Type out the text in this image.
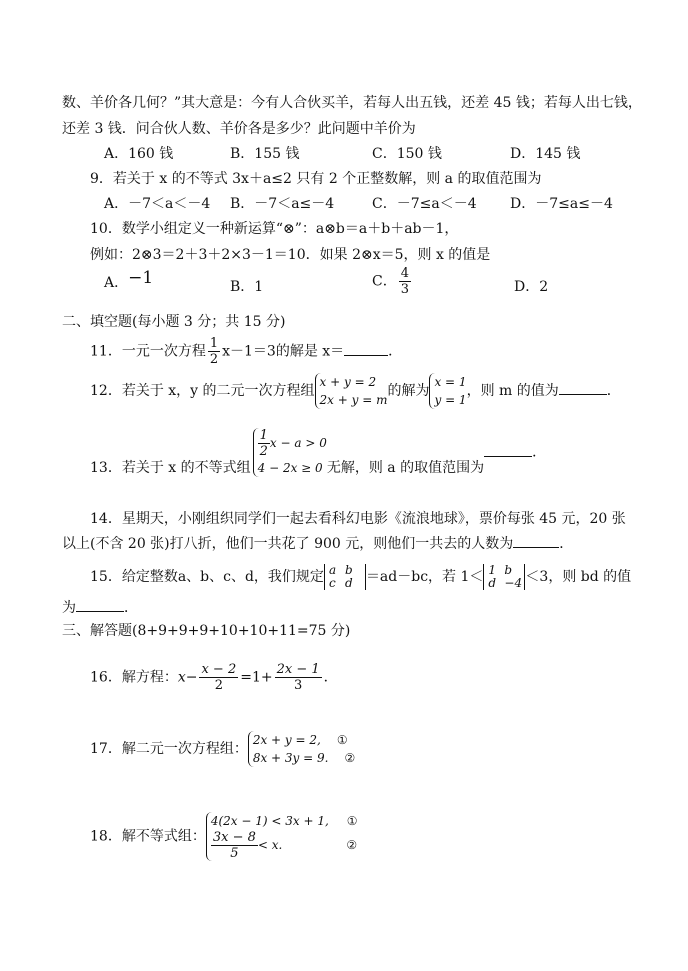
数、羊价各几何？”其大意是：今有人合伙买羊，若每人出五钱，还差 45 钱；若每人出七钱，
还差 3 钱．问合伙人数、羊价各是多少？此问题中羊价为
A．160 钱	B．155 钱	C．150 钱	D．145 钱
9．若关于 x 的不等式 3x＋a≤2 只有 2 个正整数解，则 a 的取值范围为
A．－7＜a＜－4 B．－7＜a≤－4	C．－7≤a＜－4 D．－7≤a≤－4
10．数学小组定义一种新运算“⊗”：a⊗b＝a＋b＋ab－1，
例如：2⊗3＝2＋3＋2×3－1＝10．如果 2⊗x＝5，则 x 的值是
A．−1	B．1	C． $\frac{4}{3}$	D．2
二、填空题(每小题 3 分；共 15 分)
11．一元一次方程 $\frac{1}{2} x-1=3$的解是 x＝	．
12．若关于 x，y 的二元一次方程组
x + y = 2
2x + y = m
的解为
x = 1
y = 1
，则 m 的值为	．
13．若关于 x 的不等式组
$\frac{1}{2}$ x − a > 0
4 − 2x ≥ 0 无解，则 a 的取值范围为．
14．星期天，小刚组织同学们一起去看科幻电影《流浪地球》，票价每张 45 元，20 张
以上(不含 20 张)打八折，他们一共花了 900 元，则他们一共去的人数为	．
15．给定整数a、b、c、d，我们规定 a b
c d ＝ad－bc，若 1＜ 1 b
d −4 ＜3，则 bd 的值
为	．
三、解答题(8+9+9+9+10+10+11=75 分)
16．解方程：$x- \frac{x - 2}{2} =1+ \frac{2x - 1}{3}$ ．
17．解二元一次方程组：
2x + y = 2, ①
8x + 3y = 9. ②
18．解不等式组：
4(2x − 1) < 3x + 1, ①
$\frac{3x - 8}{5} < x$.	②
